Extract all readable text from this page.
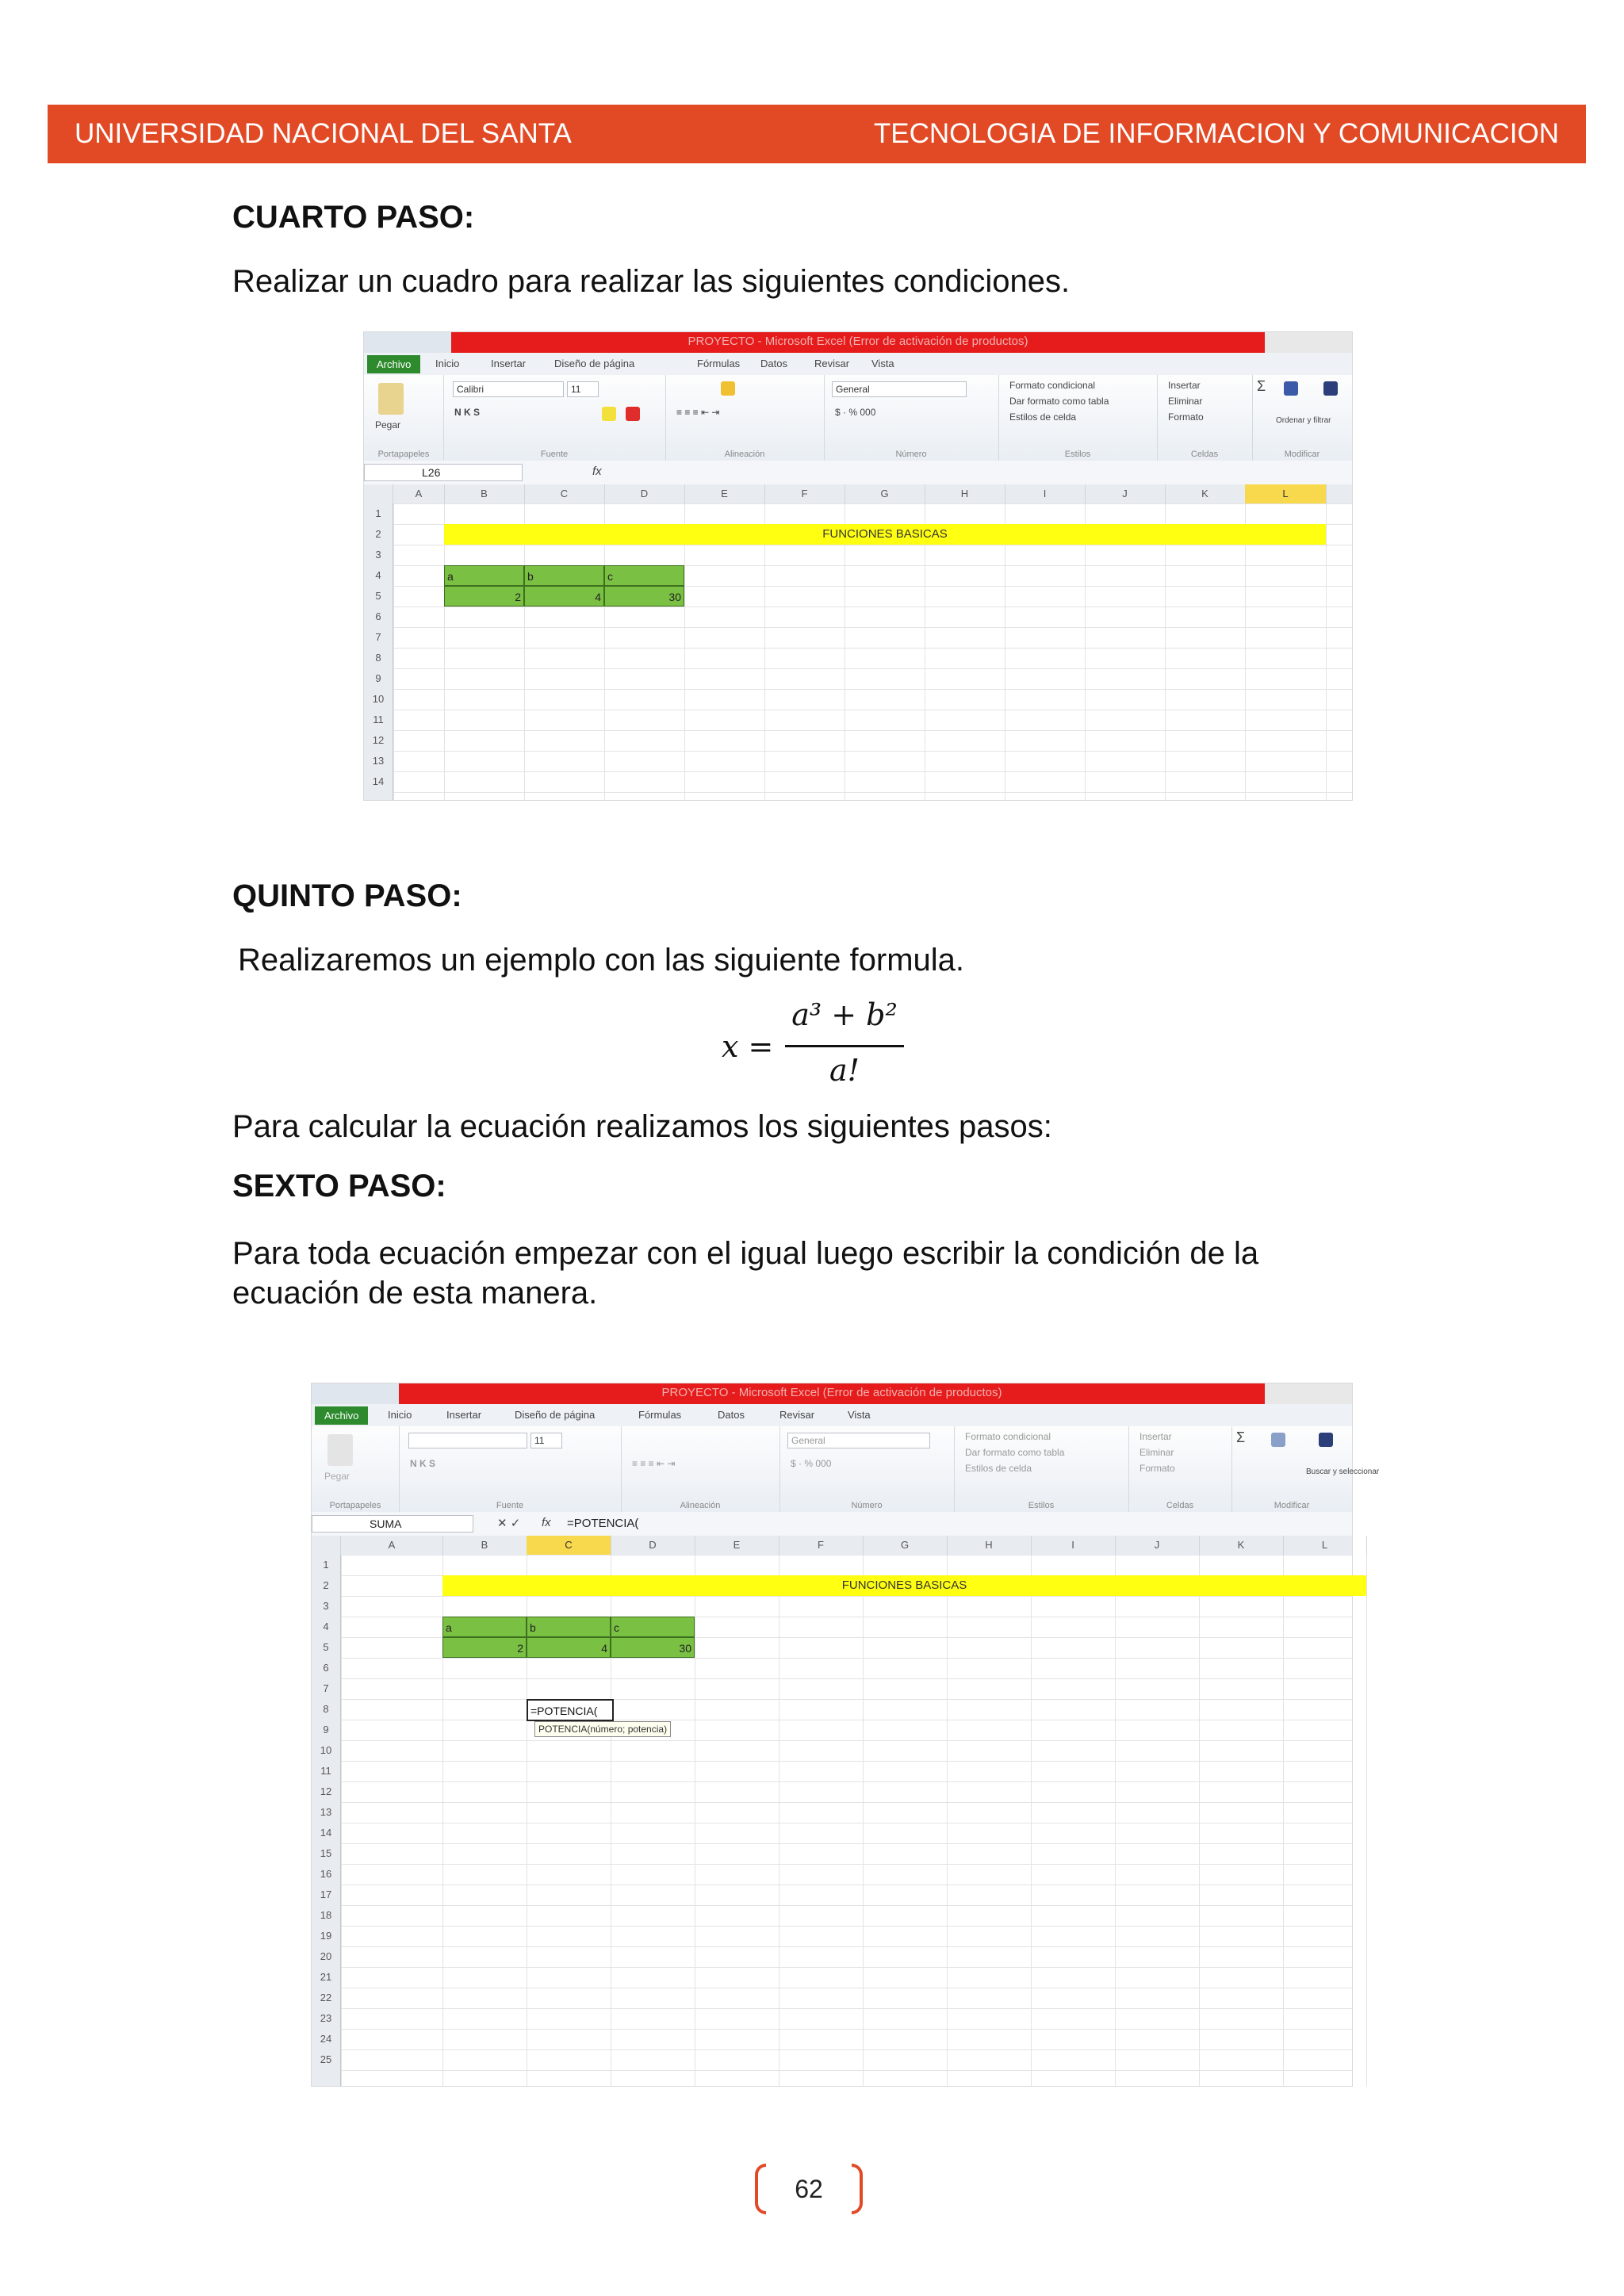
UNIVERSIDAD NACIONAL DEL SANTA	TECNOLOGIA DE INFORMACION Y COMUNICACION
CUARTO PASO:

Realizar un cuadro para realizar las siguientes condiciones.

PROYECTO - Microsoft Excel (Error de activación de productos)
Archivo	Inicio	Insertar	Diseño de página	Fórmulas Datos	Revisar Vista
Pegar
Portapapeles
Calibri	11
N K S
Fuente
≡ ≡ ≡ ⇤ ⇥
Alineación
General
$ · % 000
Número
Formato condicional
Dar formato como tabla
Estilos de celda
Estilos
Insertar
Eliminar
Formato
Celdas
Σ
Ordenar y filtrar
Modificar
L26	fx
A	B	C	D	E	F	G	H	I	J	K	L
1
2
3
4
5
6
7
8
9
10
11
12
13
14
FUNCIONES BASICAS
a	b	c
2	4	30
QUINTO PASO:

Realizaremos un ejemplo con las siguiente formula.

x =
a³ + b²
a!

Para calcular la ecuación realizamos los siguientes pasos:

SEXTO PASO:

Para toda ecuación empezar con el igual luego escribir la condición de la ecuación de esta manera.

PROYECTO - Microsoft Excel (Error de activación de productos)
Archivo	Inicio	Insertar	Diseño de página	Fórmulas	Datos	Revisar	Vista
Pegar
Portapapeles
11
N K S
Fuente
≡ ≡ ≡ ⇤ ⇥
Alineación
General
$ · % 000
Número
Formato condicional
Dar formato como tabla
Estilos de celda
Estilos
Insertar
Eliminar
Formato
Celdas
Σ
Buscar y seleccionar
Modificar
SUMA	✕ ✓ fx =POTENCIA(
A	B	C	D	E	F	G	H	I	J	K	L
1
2
3
4
5
6
7
8
9
10
11
12
13
14
15
16
17
18
19
20
21
22
23
24
25
FUNCIONES BASICAS
a	b	c
2	4	30
=POTENCIA(
POTENCIA(número; potencia)
62
